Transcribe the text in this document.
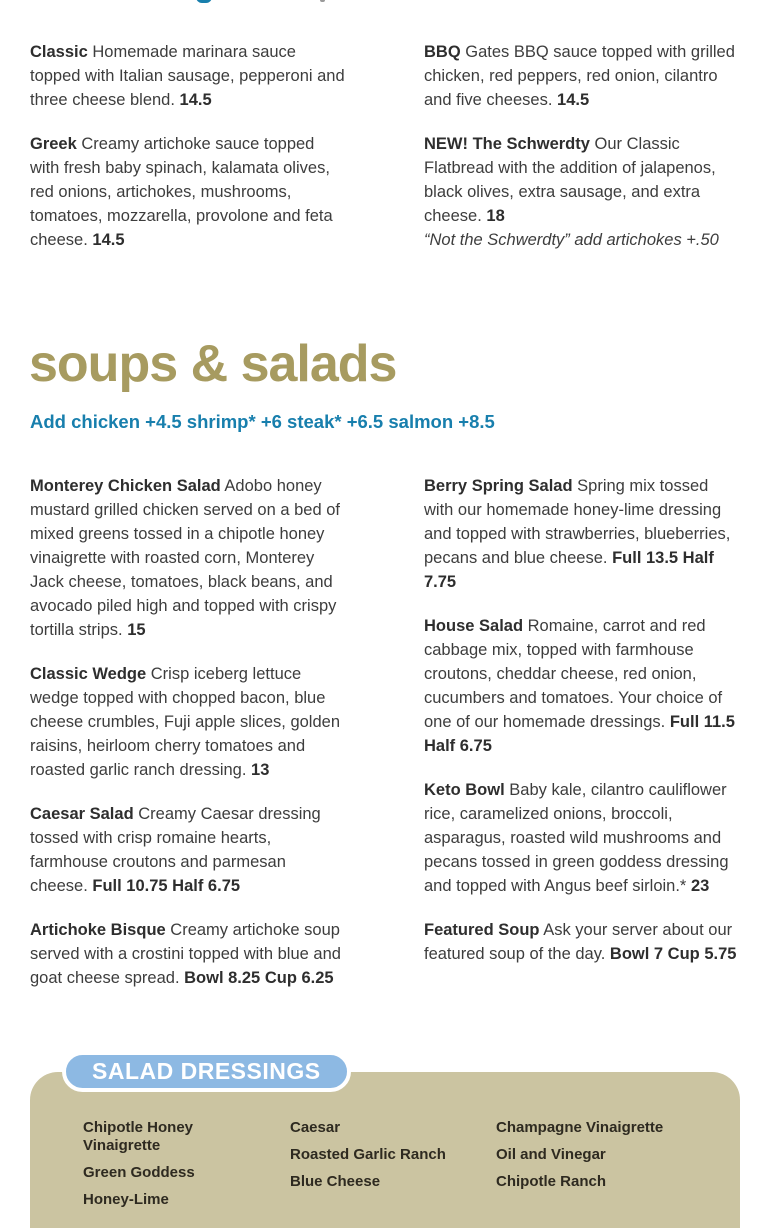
Classic Homemade marinara sauce topped with Italian sausage, pepperoni and three cheese blend. 14.5

Greek Creamy artichoke sauce topped with fresh baby spinach, kalamata olives, red onions, artichokes, mushrooms, tomatoes, mozzarella, provolone and feta cheese. 14.5

BBQ Gates BBQ sauce topped with grilled chicken, red peppers, red onion, cilantro and five cheeses. 14.5

NEW! The Schwerdty Our Classic Flatbread with the addition of jalapenos, black olives, extra sausage, and extra cheese. 18

“Not the Schwerdty” add artichokes +.50

soups & salads
Add chicken +4.5 shrimp* +6 steak* +6.5 salmon +8.5

Monterey Chicken Salad Adobo honey mustard grilled chicken served on a bed of mixed greens tossed in a chipotle honey vinaigrette with roasted corn, Monterey Jack cheese, tomatoes, black beans, and avocado piled high and topped with crispy tortilla strips. 15

Classic Wedge Crisp iceberg lettuce wedge topped with chopped bacon, blue cheese crumbles, Fuji apple slices, golden raisins, heirloom cherry tomatoes and roasted garlic ranch dressing. 13

Caesar Salad Creamy Caesar dressing tossed with crisp romaine hearts, farmhouse croutons and parmesan cheese. Full 10.75 Half 6.75

Artichoke Bisque Creamy artichoke soup served with a crostini topped with blue and goat cheese spread. Bowl 8.25 Cup 6.25

Berry Spring Salad Spring mix tossed with our homemade honey-lime dressing and topped with strawberries, blueberries, pecans and blue cheese. Full 13.5 Half 7.75

House Salad Romaine, carrot and red cabbage mix, topped with farmhouse croutons, cheddar cheese, red onion, cucumbers and tomatoes. Your choice of one of our homemade dressings. Full 11.5 Half 6.75

Keto Bowl Baby kale, cilantro cauliflower rice, caramelized onions, broccoli, asparagus, roasted wild mushrooms and pecans tossed in green goddess dressing and topped with Angus beef sirloin.* 23

Featured Soup Ask your server about our featured soup of the day. Bowl 7 Cup 5.75

SALAD DRESSINGS
Chipotle Honey Vinaigrette
Green Goddess
Honey-Lime
Caesar
Roasted Garlic Ranch
Blue Cheese
Champagne Vinaigrette
Oil and Vinegar
Chipotle Ranch
